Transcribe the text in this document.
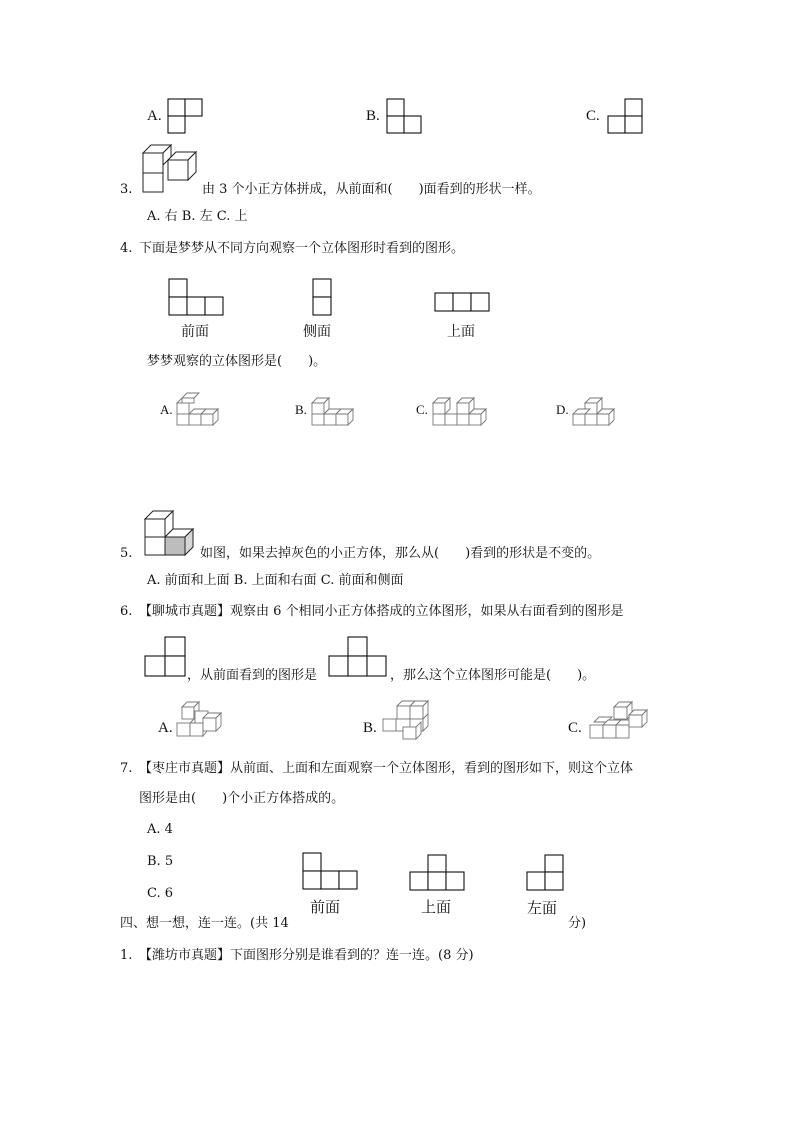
A.	B.	C.
3.	由 3 个小正方体拼成，从前面和(　　)面看到的形状一样。
A. 右 B. 左 C. 上
4. 下面是梦梦从不同方向观察一个立体图形时看到的图形。
前面	侧面	上面
梦梦观察的立体图形是(　　)。
A.	B.	C.	D.
5.	如图，如果去掉灰色的小正方体，那么从(　　)看到的形状是不变的。
A. 前面和上面 B. 上面和右面 C. 前面和侧面
6. 【聊城市真题】观察由 6 个相同小正方体搭成的立体图形，如果从右面看到的图形是
，从前面看到的图形是	，那么这个立体图形可能是(　　)。
A.	B.	C.
7. 【枣庄市真题】从前面、上面和左面观察一个立体图形，看到的图形如下，则这个立体
图形是由(　　)个小正方体搭成的。
A. 4
B. 5
C. 6
前面	上面	左面
四、想一想，连一连。(共 14	分)
1. 【潍坊市真题】下面图形分别是谁看到的？连一连。(8 分)
